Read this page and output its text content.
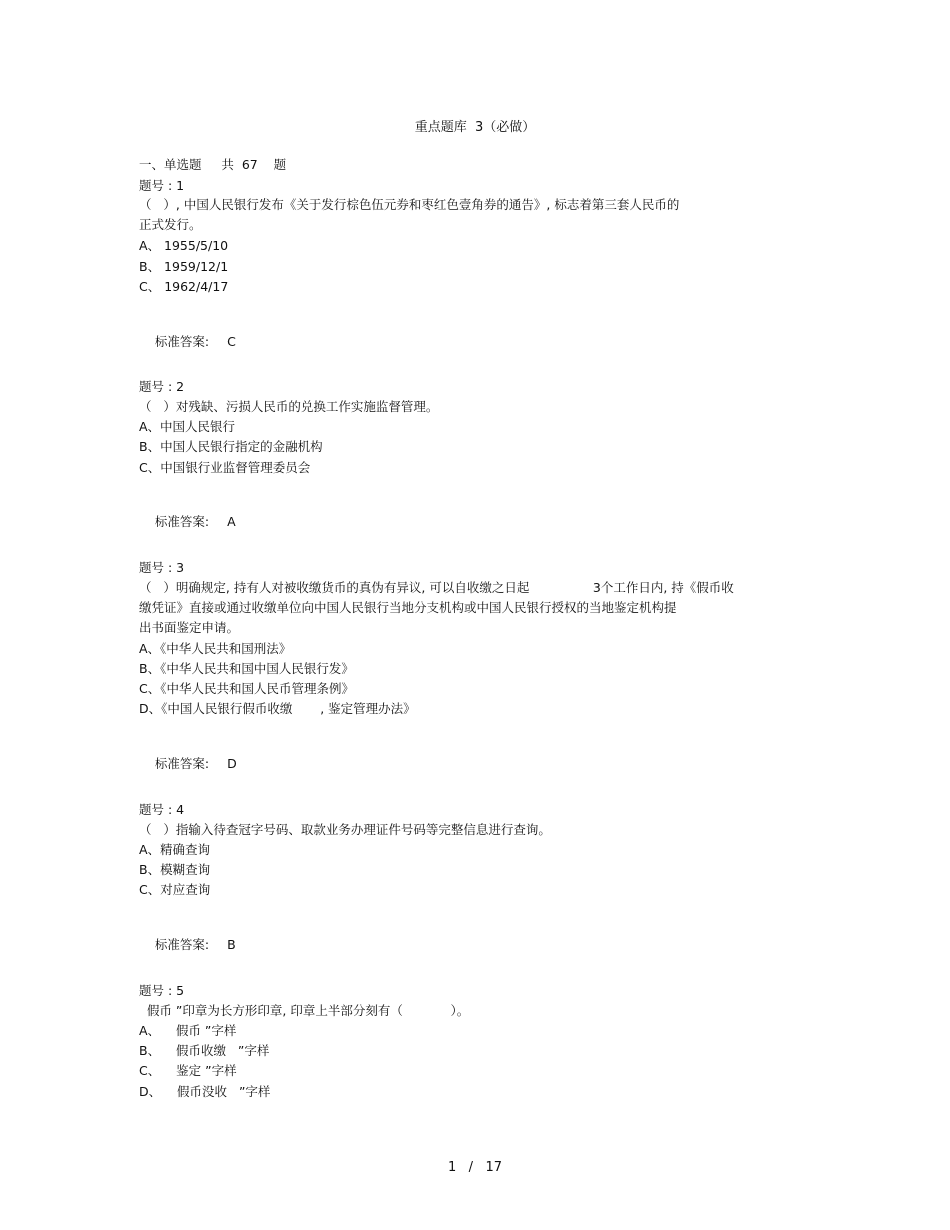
重点题库  3（必做）
一、单选题     共  67    题
题号 : 1
（   ）, 中国人民银行发布《关于发行棕色伍元券和枣红色壹角券的通告》, 标志着第三套人民币的
正式发行。
A、 1955/5/10
B、 1959/12/1
C、 1962/4/17

标准答案: C

题号 : 2
（   ）对残缺、污损人民币的兑换工作实施监督管理。
A、中国人民银行
B、中国人民银行指定的金融机构
C、中国银行业监督管理委员会

标准答案: A

题号 : 3
（   ）明确规定, 持有人对被收缴货币的真伪有异议, 可以自收缴之日起                3个工作日内, 持《假币收
缴凭证》直接或通过收缴单位向中国人民银行当地分支机构或中国人民银行授权的当地鉴定机构提
出书面鉴定申请。
A、《中华人民共和国刑法》
B、《中华人民共和国中国人民银行发》
C、《中华人民共和国人民币管理条例》
D、《中国人民银行假币收缴       , 鉴定管理办法》

标准答案: D

题号 : 4
（   ）指输入待查冠字号码、取款业务办理证件号码等完整信息进行查询。
A、精确查询
B、模糊查询
C、对应查询

标准答案: B

题号 : 5
假币 ”印章为长方形印章, 印章上半部分刻有（            ）。
A、    假币 ”字样
B、    假币收缴   ”字样
C、    鉴定 ”字样
D、    假币没收   ”字样
1   /   17
